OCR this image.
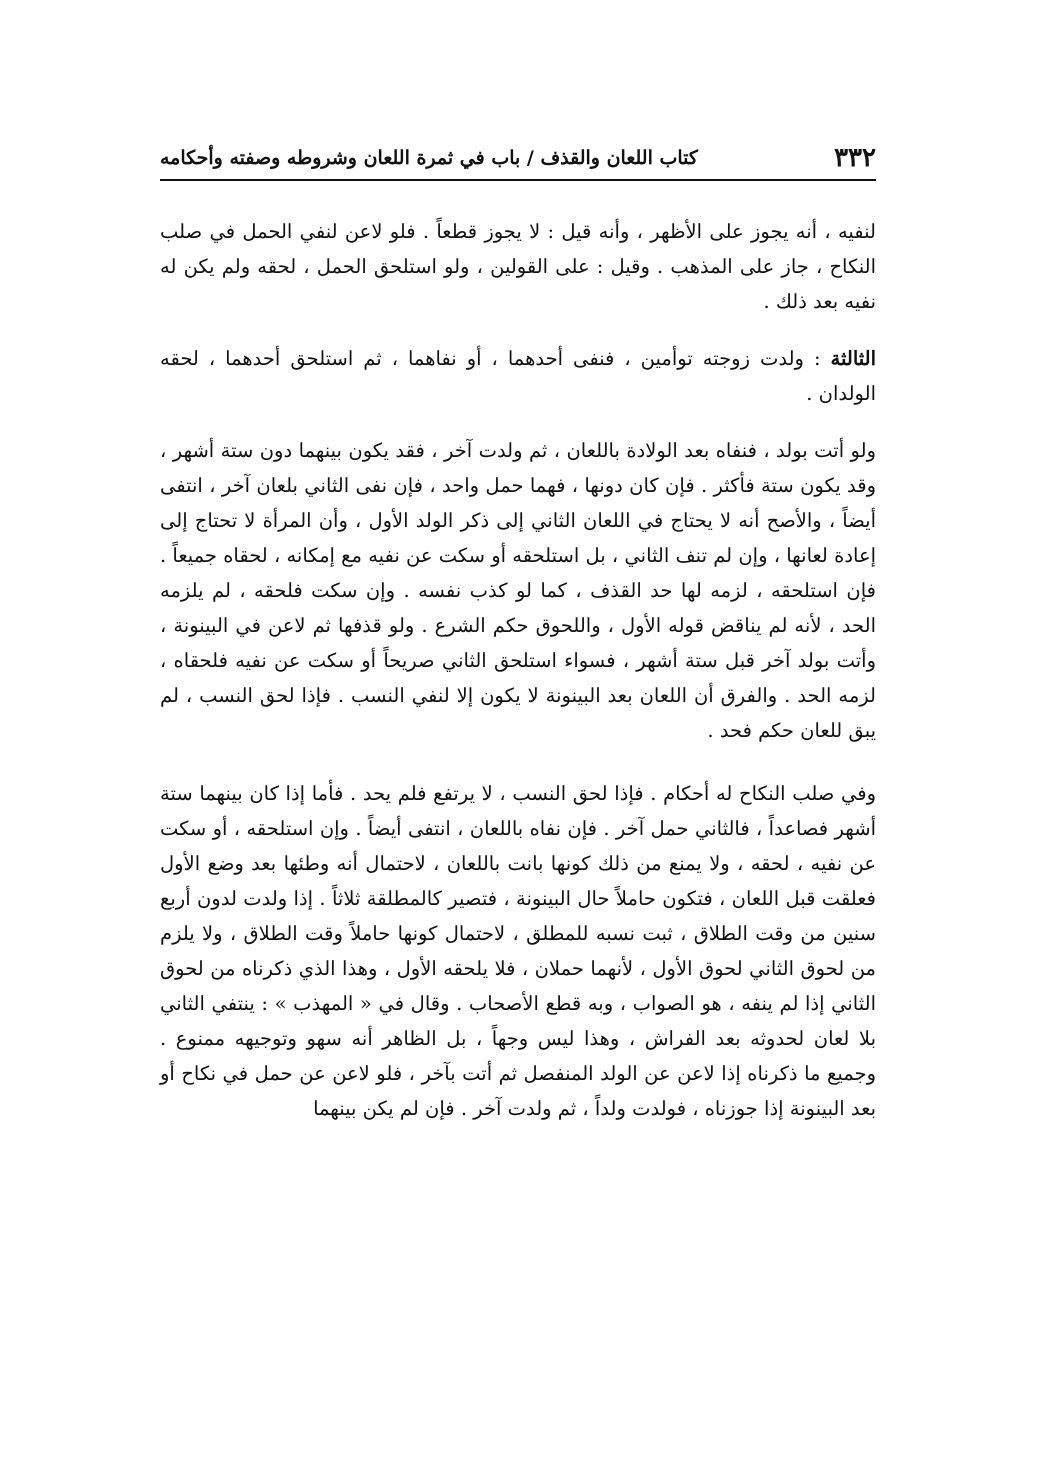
٣٣٢
كتاب اللعان والقذف / باب في ثمرة اللعان وشروطه وصفته وأحكامه

لنفيه ، أنه يجوز على الأظهر ، وأنه قيل : لا يجوز قطعاً . فلو لاعن لنفي الحمل في صلب النكاح ، جاز على المذهب . وقيل : على القولين ، ولو استلحق الحمل ، لحقه ولم يكن له نفيه بعد ذلك .

الثالثة : ولدت زوجته توأمين ، فنفى أحدهما ، أو نفاهما ، ثم استلحق أحدهما ، لحقه الولدان .

ولو أتت بولد ، فنفاه بعد الولادة باللعان ، ثم ولدت آخر ، فقد يكون بينهما دون ستة أشهر ، وقد يكون ستة فأكثر . فإن كان دونها ، فهما حمل واحد ، فإن نفى الثاني بلعان آخر ، انتفى أيضاً ، والأصح أنه لا يحتاج في اللعان الثاني إلى ذكر الولد الأول ، وأن المرأة لا تحتاج إلى إعادة لعانها ، وإن لم تنف الثاني ، بل استلحقه أو سكت عن نفيه مع إمكانه ، لحقاه جميعاً . فإن استلحقه ، لزمه لها حد القذف ، كما لو كذب نفسه . وإن سكت فلحقه ، لم يلزمه الحد ، لأنه لم يناقض قوله الأول ، واللحوق حكم الشرع . ولو قذفها ثم لاعن في البينونة ، وأتت بولد آخر قبل ستة أشهر ، فسواء استلحق الثاني صريحاً أو سكت عن نفيه فلحقاه ، لزمه الحد . والفرق أن اللعان بعد البينونة لا يكون إلا لنفي النسب . فإذا لحق النسب ، لم يبق للعان حكم فحد .

وفي صلب النكاح له أحكام . فإذا لحق النسب ، لا يرتفع فلم يحد . فأما إذا كان بينهما ستة أشهر فصاعداً ، فالثاني حمل آخر . فإن نفاه باللعان ، انتفى أيضاً . وإن استلحقه ، أو سكت عن نفيه ، لحقه ، ولا يمنع من ذلك كونها بانت باللعان ، لاحتمال أنه وطئها بعد وضع الأول فعلقت قبل اللعان ، فتكون حاملاً حال البينونة ، فتصير كالمطلقة ثلاثاً . إذا ولدت لدون أربع سنين من وقت الطلاق ، ثبت نسبه للمطلق ، لاحتمال كونها حاملاً وقت الطلاق ، ولا يلزم من لحوق الثاني لحوق الأول ، لأنهما حملان ، فلا يلحقه الأول ، وهذا الذي ذكرناه من لحوق الثاني إذا لم ينفه ، هو الصواب ، وبه قطع الأصحاب . وقال في « المهذب » : ينتفي الثاني بلا لعان لحدوثه بعد الفراش ، وهذا ليس وجهاً ، بل الظاهر أنه سهو وتوجيهه ممنوع . وجميع ما ذكرناه إذا لاعن عن الولد المنفصل ثم أتت بآخر ، فلو لاعن عن حمل في نكاح أو بعد البينونة إذا جوزناه ، فولدت ولداً ، ثم ولدت آخر . فإن لم يكن بينهما
